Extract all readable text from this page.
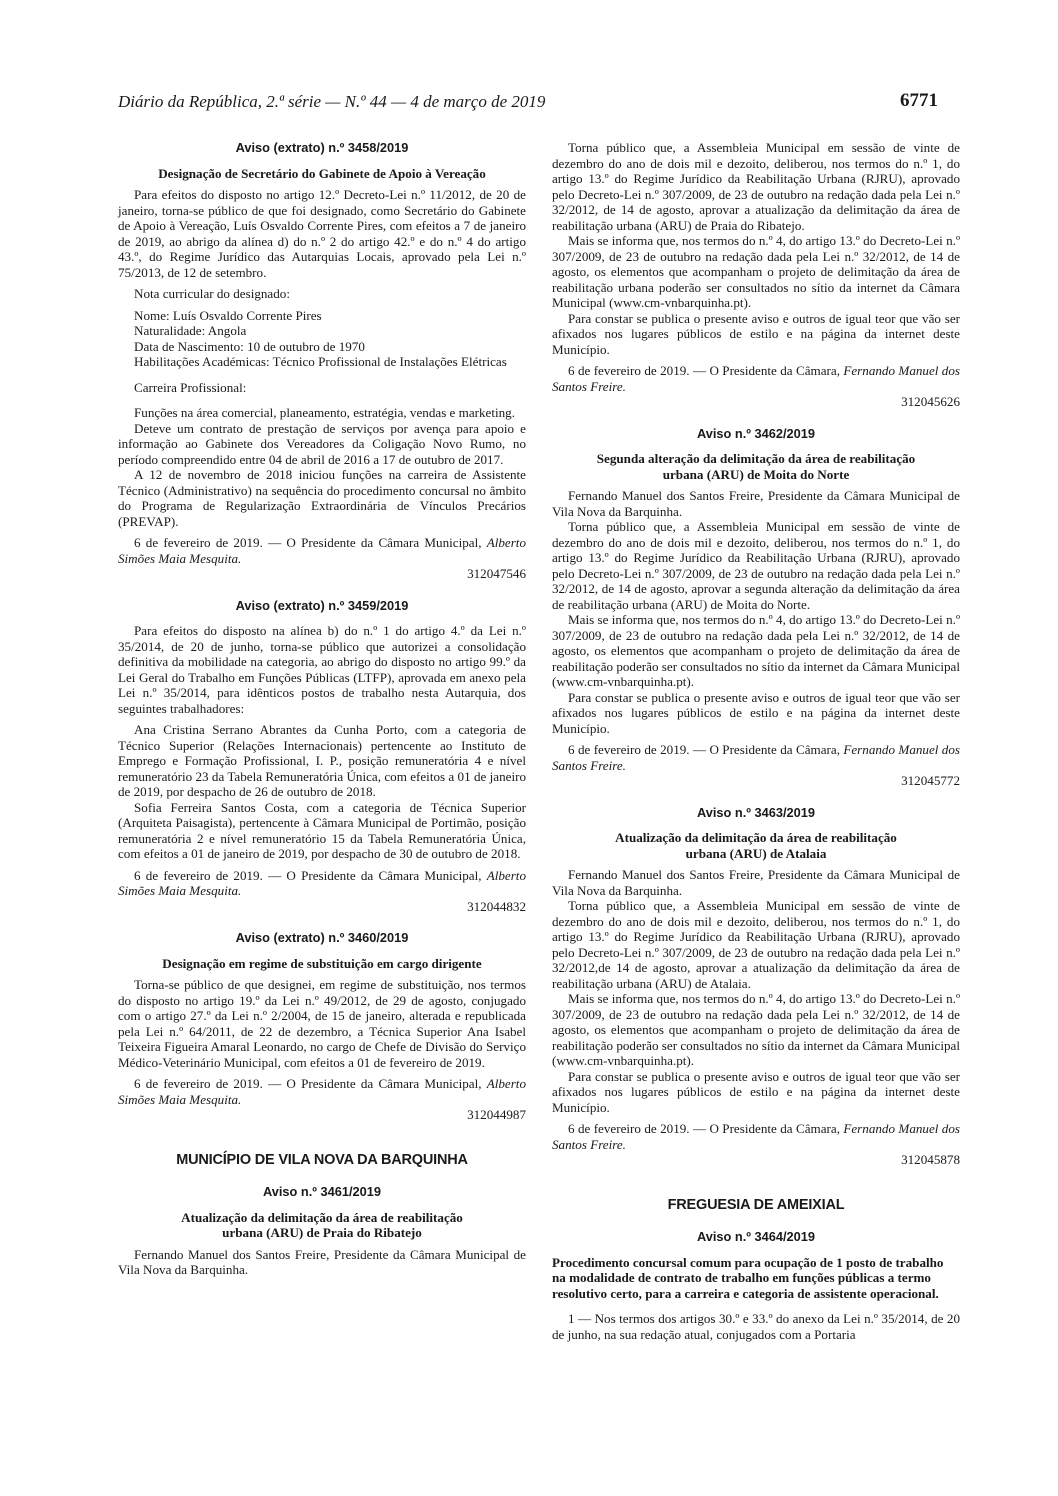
Diário da República, 2.ª série — N.º 44 — 4 de março de 2019	6771

Aviso (extrato) n.º 3458/2019

Designação de Secretário do Gabinete de Apoio à Vereação

Para efeitos do disposto no artigo 12.º Decreto-Lei n.º 11/2012, de 20 de janeiro, torna-se público de que foi designado, como Secretário do Gabinete de Apoio à Vereação, Luís Osvaldo Corrente Pires, com efeitos a 7 de janeiro de 2019, ao abrigo da alínea d) do n.º 2 do artigo 42.º e do n.º 4 do artigo 43.º, do Regime Jurídico das Autarquias Locais, aprovado pela Lei n.º 75/2013, de 12 de setembro.

Nota curricular do designado:

Nome: Luís Osvaldo Corrente Pires

Naturalidade: Angola

Data de Nascimento: 10 de outubro de 1970

Habilitações Académicas: Técnico Profissional de Instalações Elétricas

Carreira Profissional:

Funções na área comercial, planeamento, estratégia, vendas e marketing.

Deteve um contrato de prestação de serviços por avença para apoio e informação ao Gabinete dos Vereadores da Coligação Novo Rumo, no período compreendido entre 04 de abril de 2016 a 17 de outubro de 2017.

A 12 de novembro de 2018 iniciou funções na carreira de Assistente Técnico (Administrativo) na sequência do procedimento concursal no âmbito do Programa de Regularização Extraordinária de Vínculos Precários (PREVAP).

6 de fevereiro de 2019. — O Presidente da Câmara Municipal, Alberto Simões Maia Mesquita.

312047546

Aviso (extrato) n.º 3459/2019

Para efeitos do disposto na alínea b) do n.º 1 do artigo 4.º da Lei n.º 35/2014, de 20 de junho, torna-se público que autorizei a consolidação definitiva da mobilidade na categoria, ao abrigo do disposto no artigo 99.º da Lei Geral do Trabalho em Funções Públicas (LTFP), aprovada em anexo pela Lei n.º 35/2014, para idênticos postos de trabalho nesta Autarquia, dos seguintes trabalhadores:

Ana Cristina Serrano Abrantes da Cunha Porto, com a categoria de Técnico Superior (Relações Internacionais) pertencente ao Instituto de Emprego e Formação Profissional, I. P., posição remuneratória 4 e nível remuneratório 23 da Tabela Remuneratória Única, com efeitos a 01 de janeiro de 2019, por despacho de 26 de outubro de 2018.

Sofia Ferreira Santos Costa, com a categoria de Técnica Superior (Arquiteta Paisagista), pertencente à Câmara Municipal de Portimão, posição remuneratória 2 e nível remuneratório 15 da Tabela Remuneratória Única, com efeitos a 01 de janeiro de 2019, por despacho de 30 de outubro de 2018.

6 de fevereiro de 2019. — O Presidente da Câmara Municipal, Alberto Simões Maia Mesquita.

312044832

Aviso (extrato) n.º 3460/2019

Designação em regime de substituição em cargo dirigente

Torna-se público de que designei, em regime de substituição, nos termos do disposto no artigo 19.º da Lei n.º 49/2012, de 29 de agosto, conjugado com o artigo 27.º da Lei n.º 2/2004, de 15 de janeiro, alterada e republicada pela Lei n.º 64/2011, de 22 de dezembro, a Técnica Superior Ana Isabel Teixeira Figueira Amaral Leonardo, no cargo de Chefe de Divisão do Serviço Médico-Veterinário Municipal, com efeitos a 01 de fevereiro de 2019.

6 de fevereiro de 2019. — O Presidente da Câmara Municipal, Alberto Simões Maia Mesquita.

312044987

MUNICÍPIO DE VILA NOVA DA BARQUINHA

Aviso n.º 3461/2019

Atualização da delimitação da área de reabilitação

urbana (ARU) de Praia do Ribatejo

Fernando Manuel dos Santos Freire, Presidente da Câmara Municipal de Vila Nova da Barquinha.

Torna público que, a Assembleia Municipal em sessão de vinte de dezembro do ano de dois mil e dezoito, deliberou, nos termos do n.º 1, do artigo 13.º do Regime Jurídico da Reabilitação Urbana (RJRU), aprovado pelo Decreto-Lei n.º 307/2009, de 23 de outubro na redação dada pela Lei n.º 32/2012, de 14 de agosto, aprovar a atualização da delimitação da área de reabilitação urbana (ARU) de Praia do Ribatejo.

Mais se informa que, nos termos do n.º 4, do artigo 13.º do Decreto-Lei n.º 307/2009, de 23 de outubro na redação dada pela Lei n.º 32/2012, de 14 de agosto, os elementos que acompanham o projeto de delimitação da área de reabilitação urbana poderão ser consultados no sítio da internet da Câmara Municipal (www.cm-vnbarquinha.pt).

Para constar se publica o presente aviso e outros de igual teor que vão ser afixados nos lugares públicos de estilo e na página da internet deste Município.

6 de fevereiro de 2019. — O Presidente da Câmara, Fernando Manuel dos Santos Freire.

312045626

Aviso n.º 3462/2019

Segunda alteração da delimitação da área de reabilitação

urbana (ARU) de Moita do Norte

Fernando Manuel dos Santos Freire, Presidente da Câmara Municipal de Vila Nova da Barquinha.

Torna público que, a Assembleia Municipal em sessão de vinte de dezembro do ano de dois mil e dezoito, deliberou, nos termos do n.º 1, do artigo 13.º do Regime Jurídico da Reabilitação Urbana (RJRU), aprovado pelo Decreto-Lei n.º 307/2009, de 23 de outubro na redação dada pela Lei n.º 32/2012, de 14 de agosto, aprovar a segunda alteração da delimitação da área de reabilitação urbana (ARU) de Moita do Norte.

Mais se informa que, nos termos do n.º 4, do artigo 13.º do Decreto-Lei n.º 307/2009, de 23 de outubro na redação dada pela Lei n.º 32/2012, de 14 de agosto, os elementos que acompanham o projeto de delimitação da área de reabilitação poderão ser consultados no sítio da internet da Câmara Municipal (www.cm-vnbarquinha.pt).

Para constar se publica o presente aviso e outros de igual teor que vão ser afixados nos lugares públicos de estilo e na página da internet deste Município.

6 de fevereiro de 2019. — O Presidente da Câmara, Fernando Manuel dos Santos Freire.

312045772

Aviso n.º 3463/2019

Atualização da delimitação da área de reabilitação

urbana (ARU) de Atalaia

Fernando Manuel dos Santos Freire, Presidente da Câmara Municipal de Vila Nova da Barquinha.

Torna público que, a Assembleia Municipal em sessão de vinte de dezembro do ano de dois mil e dezoito, deliberou, nos termos do n.º 1, do artigo 13.º do Regime Jurídico da Reabilitação Urbana (RJRU), aprovado pelo Decreto-Lei n.º 307/2009, de 23 de outubro na redação dada pela Lei n.º 32/2012,de 14 de agosto, aprovar a atualização da delimitação da área de reabilitação urbana (ARU) de Atalaia.

Mais se informa que, nos termos do n.º 4, do artigo 13.º do Decreto-Lei n.º 307/2009, de 23 de outubro na redação dada pela Lei n.º 32/2012, de 14 de agosto, os elementos que acompanham o projeto de delimitação da área de reabilitação poderão ser consultados no sítio da internet da Câmara Municipal (www.cm-vnbarquinha.pt).

Para constar se publica o presente aviso e outros de igual teor que vão ser afixados nos lugares públicos de estilo e na página da internet deste Município.

6 de fevereiro de 2019. — O Presidente da Câmara, Fernando Manuel dos Santos Freire.

312045878

FREGUESIA DE AMEIXIAL

Aviso n.º 3464/2019

Procedimento concursal comum para ocupação de 1 posto de trabalho na modalidade de contrato de trabalho em funções públicas a termo resolutivo certo, para a carreira e categoria de assistente operacional.

1 — Nos termos dos artigos 30.º e 33.º do anexo da Lei n.º 35/2014, de 20 de junho, na sua redação atual, conjugados com a Portaria
